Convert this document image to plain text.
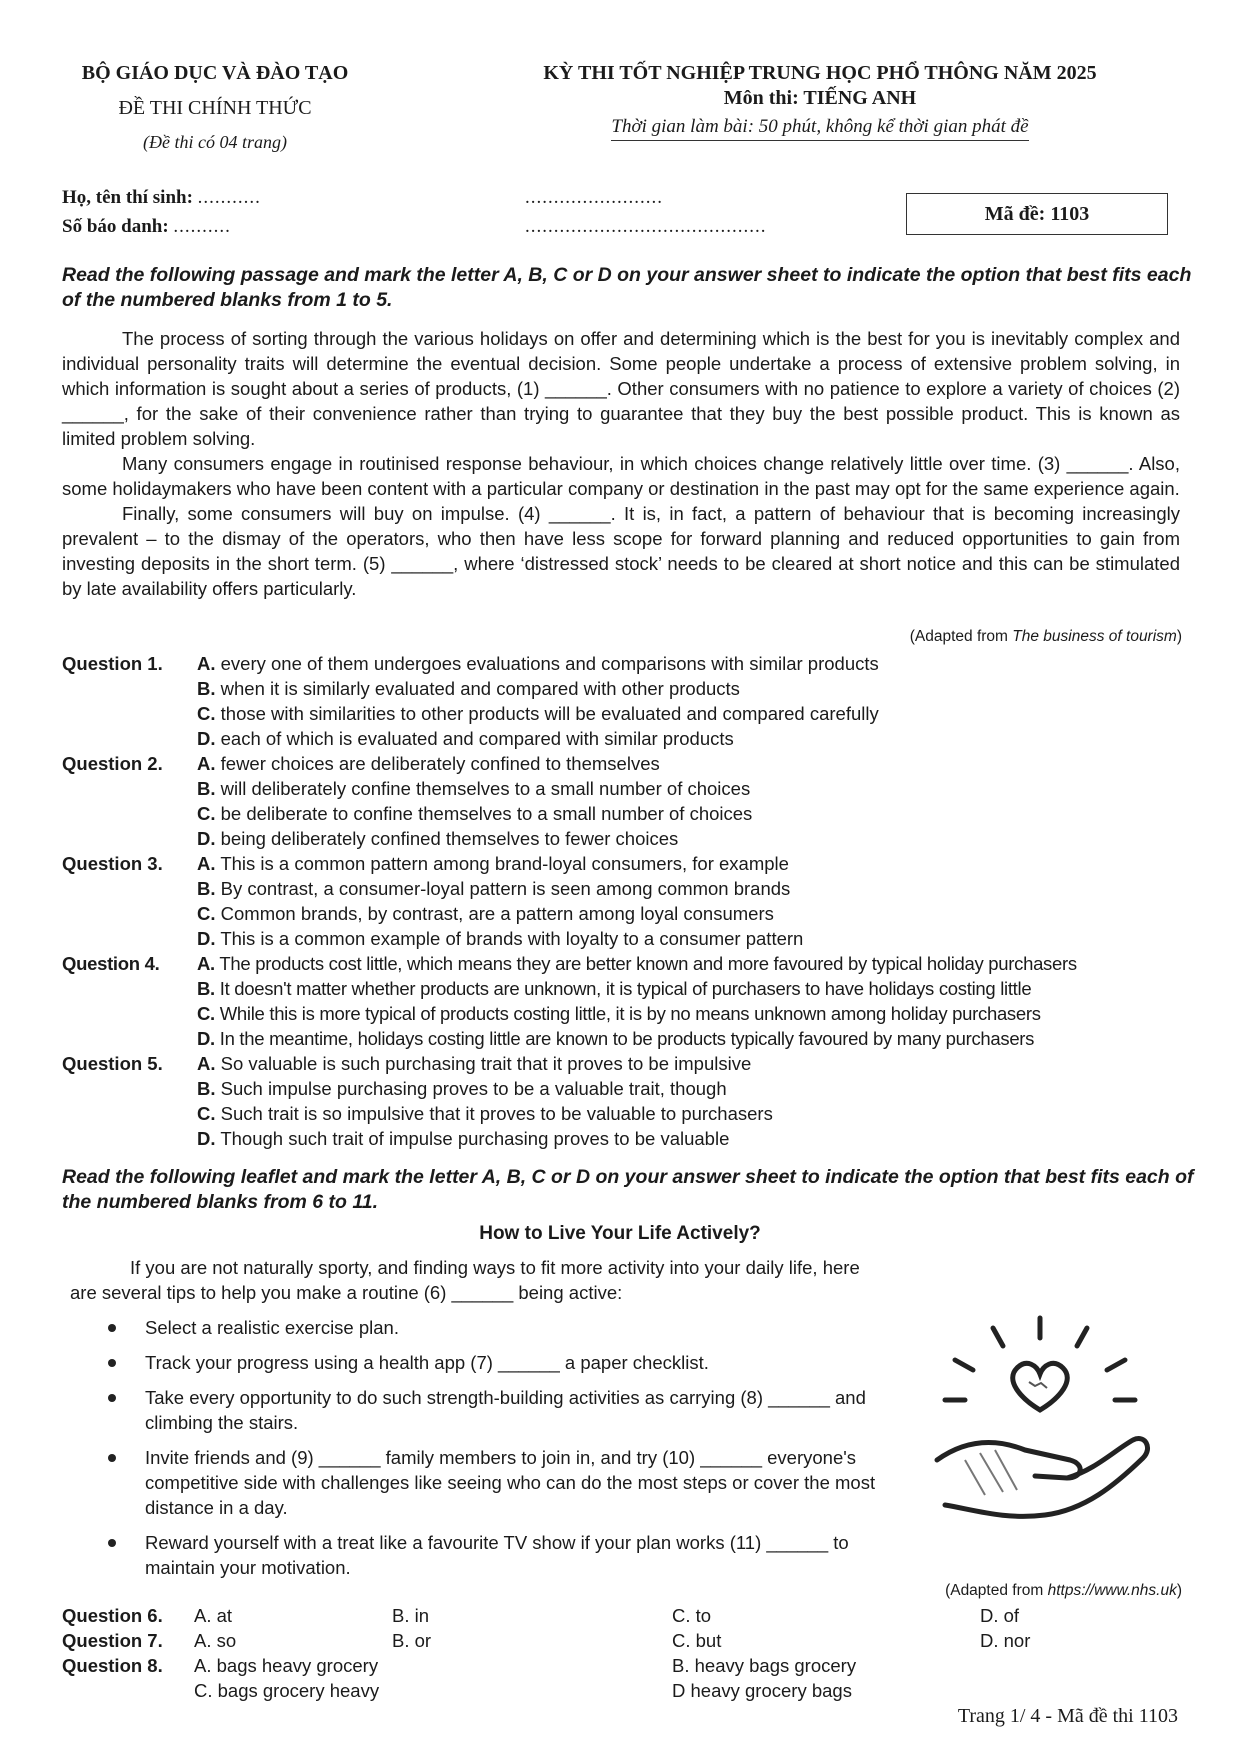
BỘ GIÁO DỤC VÀ ĐÀO TẠO
ĐỀ THI CHÍNH THỨC
(Đề thi có 04 trang)
KỲ THI TỐT NGHIỆP TRUNG HỌC PHỔ THÔNG NĂM 2025
Môn thi: TIẾNG ANH
Thời gian làm bài: 50 phút, không kể thời gian phát đề
Họ, tên thí sinh: ...........
Số báo danh: ..........
........................
..........................................
Mã đề: 1103
Read the following passage and mark the letter A, B, C or D on your answer sheet to indicate the option that best fits each of the numbered blanks from 1 to 5.

The process of sorting through the various holidays on offer and determining which is the best for you is inevitably complex and individual personality traits will determine the eventual decision. Some people undertake a process of extensive problem solving, in which information is sought about a series of products, (1) ______. Other consumers with no patience to explore a variety of choices (2) ______, for the sake of their convenience rather than trying to guarantee that they buy the best possible product. This is known as limited problem solving.

Many consumers engage in routinised response behaviour, in which choices change relatively little over time. (3) ______. Also, some holidaymakers who have been content with a particular company or destination in the past may opt for the same experience again.

Finally, some consumers will buy on impulse. (4) ______. It is, in fact, a pattern of behaviour that is becoming increasingly prevalent – to the dismay of the operators, who then have less scope for forward planning and reduced opportunities to gain from investing deposits in the short term. (5) ______, where ‘distressed stock’ needs to be cleared at short notice and this can be stimulated by late availability offers particularly.

(Adapted from The business of tourism)
Question 1.	A. every one of them undergoes evaluations and comparisons with similar products
B. when it is similarly evaluated and compared with other products
C. those with similarities to other products will be evaluated and compared carefully
D. each of which is evaluated and compared with similar products
Question 2.	A. fewer choices are deliberately confined to themselves
B. will deliberately confine themselves to a small number of choices
C. be deliberate to confine themselves to a small number of choices
D. being deliberately confined themselves to fewer choices
Question 3.	A. This is a common pattern among brand-loyal consumers, for example
B. By contrast, a consumer-loyal pattern is seen among common brands
C. Common brands, by contrast, are a pattern among loyal consumers
D. This is a common example of brands with loyalty to a consumer pattern
Question 4.	A. The products cost little, which means they are better known and more favoured by typical holiday purchasers
B. It doesn't matter whether products are unknown, it is typical of purchasers to have holidays costing little
C. While this is more typical of products costing little, it is by no means unknown among holiday purchasers
D. In the meantime, holidays costing little are known to be products typically favoured by many purchasers
Question 5.	A. So valuable is such purchasing trait that it proves to be impulsive
B. Such impulse purchasing proves to be a valuable trait, though
C. Such trait is so impulsive that it proves to be valuable to purchasers
D. Though such trait of impulse purchasing proves to be valuable
Read the following leaflet and mark the letter A, B, C or D on your answer sheet to indicate the option that best fits each of the numbered blanks from 6 to 11.
How to Live Your Life Actively?

If you are not naturally sporty, and finding ways to fit more activity into your daily life, here are several tips to help you make a routine (6) ______ being active:

Select a realistic exercise plan.
Track your progress using a health app (7) ______ a paper checklist.
Take every opportunity to do such strength-building activities as carrying (8) ______ and climbing the stairs.
Invite friends and (9) ______ family members to join in, and try (10) ______ everyone's competitive side with challenges like seeing who can do the most steps or cover the most distance in a day.
Reward yourself with a treat like a favourite TV show if your plan works (11) ______ to maintain your motivation.
(Adapted from https://www.nhs.uk)
Question 6. A. at	B. in	C. to	D. of
Question 7. A. so	B. or	C. but	D. nor
Question 8. A. bags heavy grocery	B. heavy bags grocery
C. bags grocery heavy	D heavy grocery bags
Trang 1/ 4 - Mã đề thi 1103
